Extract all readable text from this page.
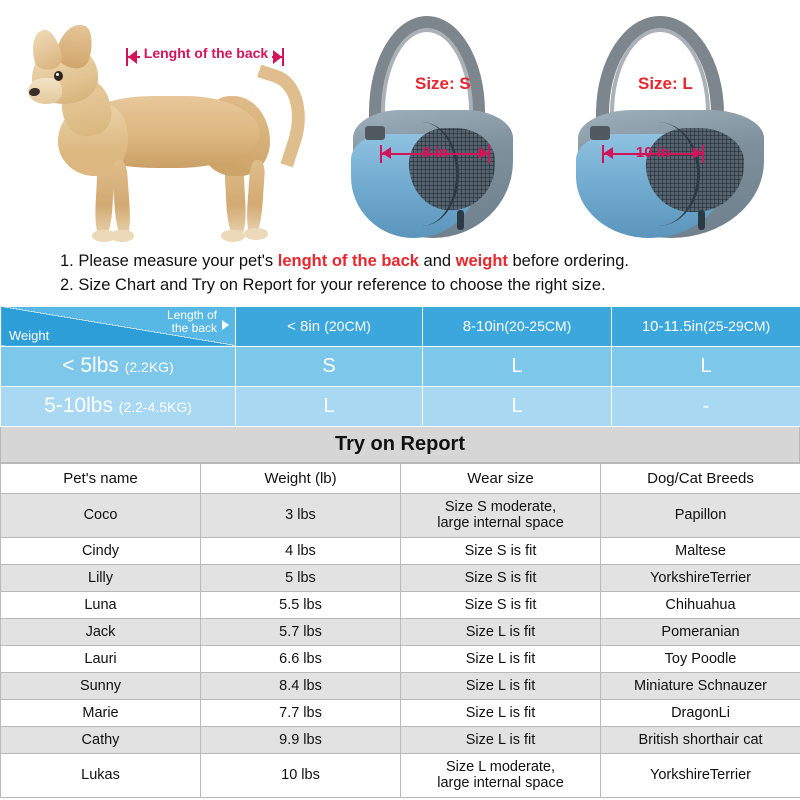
Lenght of the back
Size: S	Size: L
8 in	10 in
1. Please measure your pet's lenght of the back and weight before ordering.
2. Size Chart and Try on Report for your reference to choose the right size.
Weight
Length of
the back	< 8in (20CM)	8-10in(20-25CM)	10-11.5in(25-29CM)
< 5lbs (2.2KG)	S	L	L
5-10lbs (2.2-4.5KG)	L	L	-
Try on Report
Pet's name	Weight (lb)	Wear size	Dog/Cat Breeds
Coco	3 lbs	Size S moderate,
large internal space	Papillon
Cindy	4 lbs	Size S is fit	Maltese
Lilly	5 lbs	Size S is fit	YorkshireTerrier
Luna	5.5 lbs	Size S is fit	Chihuahua
Jack	5.7 lbs	Size L is fit	Pomeranian
Lauri	6.6 lbs	Size L is fit	Toy Poodle
Sunny	8.4 lbs	Size L is fit	Miniature Schnauzer
Marie	7.7 lbs	Size L is fit	DragonLi
Cathy	9.9 lbs	Size L is fit	British shorthair cat
Lukas	10 lbs	Size L moderate,
large internal space	YorkshireTerrier
